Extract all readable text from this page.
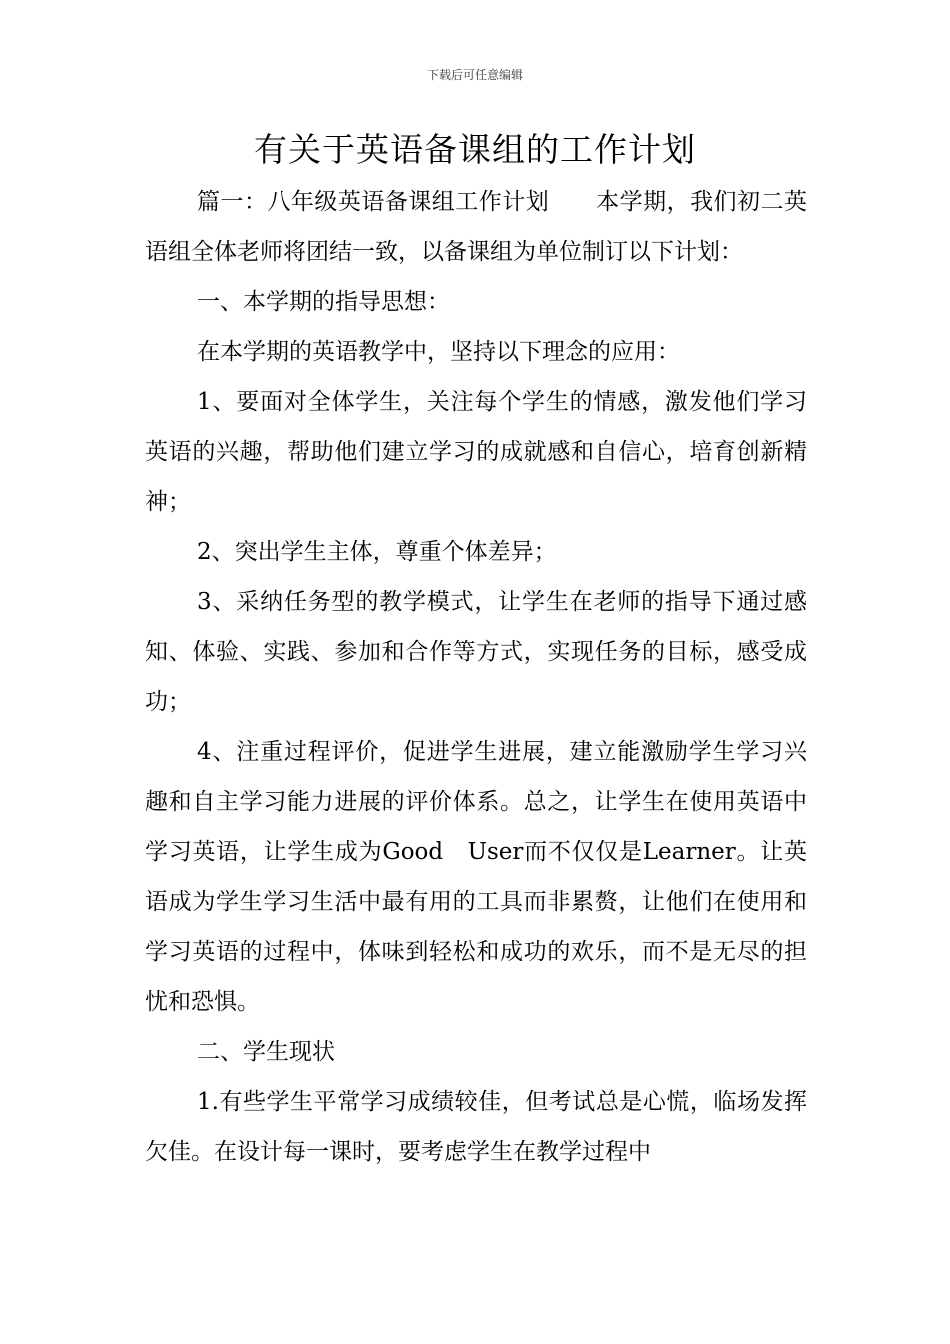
下载后可任意编辑
有关于英语备课组的工作计划

篇一：八年级英语备课组工作计划　　本学期，我们初二英语组全体老师将团结一致，以备课组为单位制订以下计划：

一、本学期的指导思想：

在本学期的英语教学中，坚持以下理念的应用：

1、要面对全体学生，关注每个学生的情感，激发他们学习英语的兴趣，帮助他们建立学习的成就感和自信心，培育创新精神；

2、突出学生主体，尊重个体差异；

3、采纳任务型的教学模式，让学生在老师的指导下通过感知、体验、实践、参加和合作等方式，实现任务的目标，感受成功；

4、注重过程评价，促进学生进展，建立能激励学生学习兴趣和自主学习能力进展的评价体系。总之，让学生在使用英语中学习英语，让学生成为Good　User而不仅仅是Learner。让英语成为学生学习生活中最有用的工具而非累赘，让他们在使用和学习英语的过程中，体味到轻松和成功的欢乐，而不是无尽的担忧和恐惧。

二、学生现状

1.有些学生平常学习成绩较佳，但考试总是心慌，临场发挥欠佳。在设计每一课时，要考虑学生在教学过程中
